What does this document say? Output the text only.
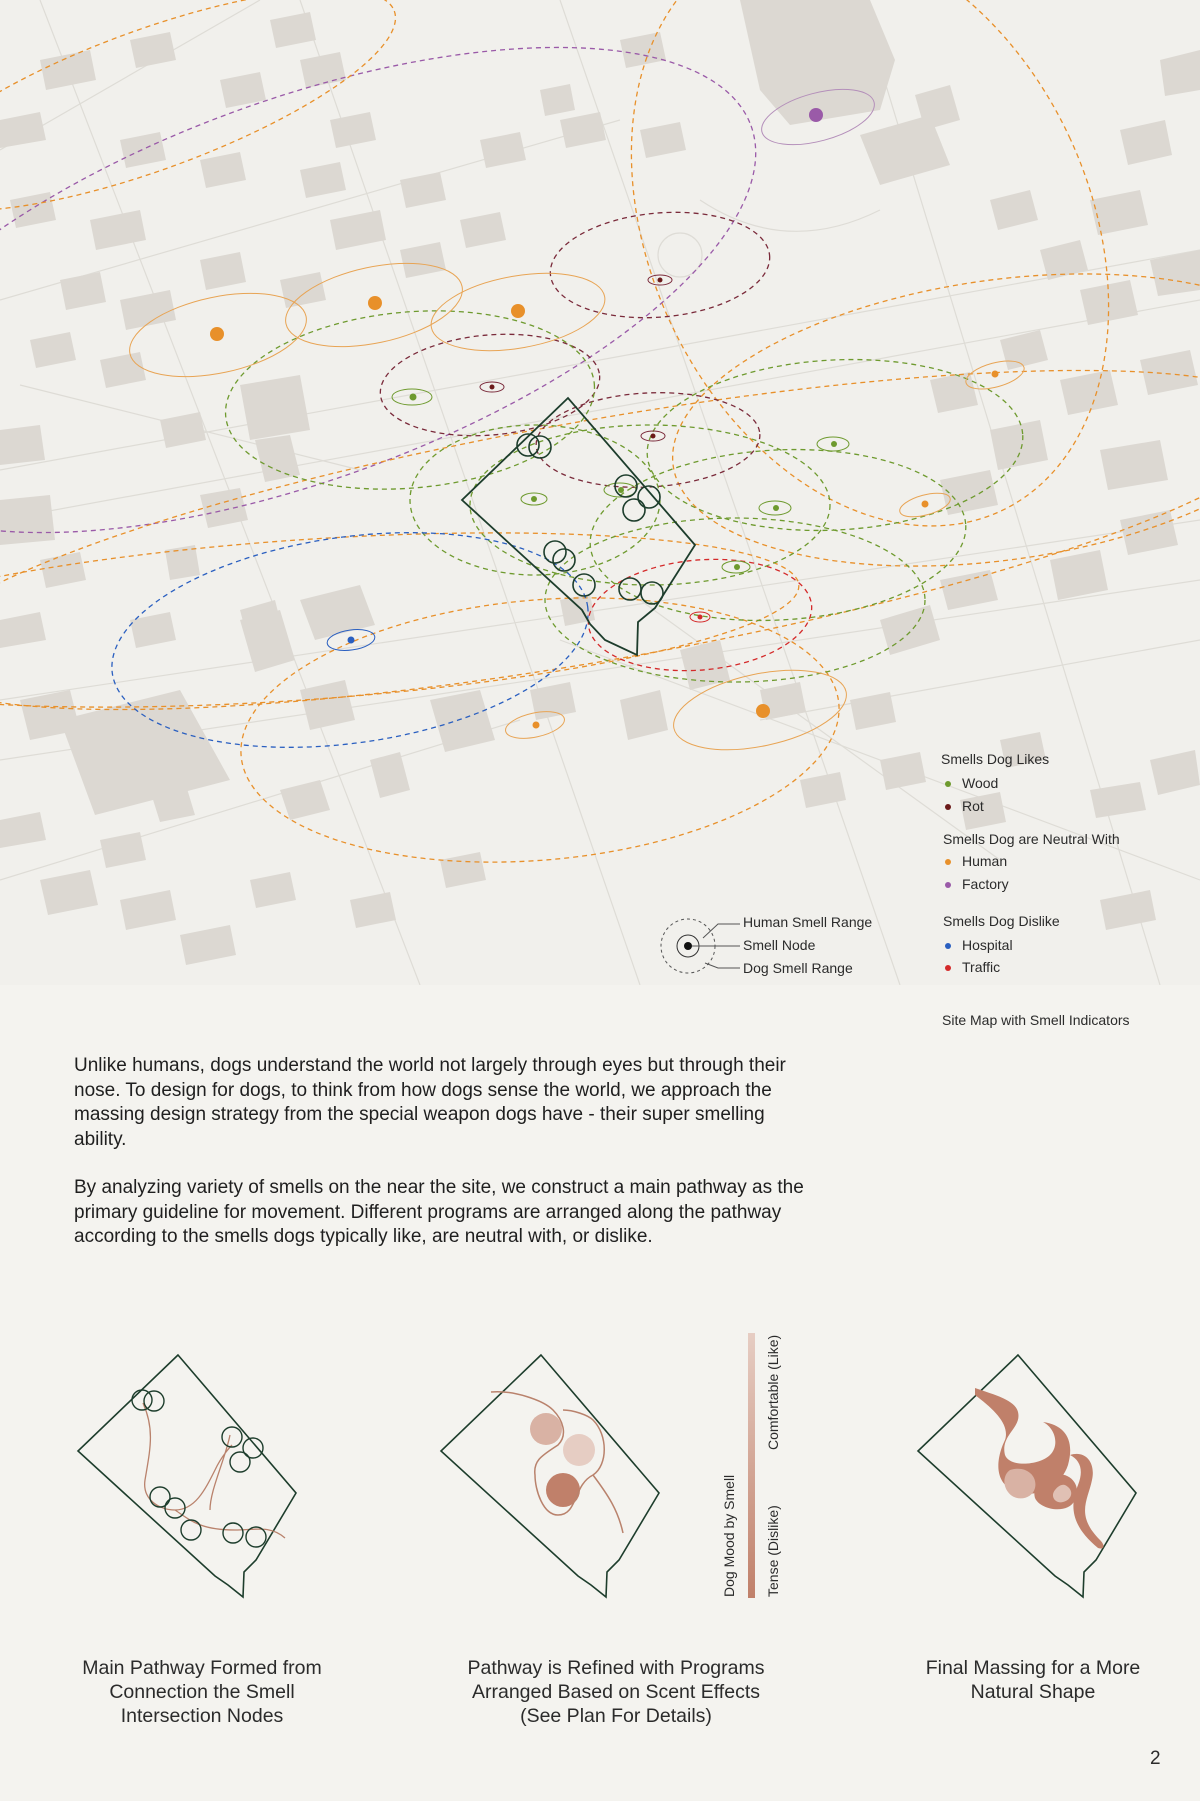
Smells Dog Likes
Wood
Rot
Smells Dog are Neutral With
Human
Factory
Smells Dog Dislike
Hospital
Traffic
Human Smell Range
Smell Node
Dog Smell Range
Site Map with Smell Indicators

Unlike humans, dogs understand the world not largely through eyes but through their nose. To design for dogs, to think from how dogs sense the world, we approach the massing design strategy from the special weapon dogs have - their super smelling ability.

By analyzing variety of smells on the near the site, we construct a main pathway as the primary guideline for movement. Different programs are arranged along the pathway according to the smells dogs typically like, are neutral with, or dislike.

Dog Mood by Smell
Comfortable (Like)
Tense (Dislike)
Main Pathway Formed from
Connection the Smell
Intersection Nodes
Pathway is Refined with Programs
Arranged Based on Scent Effects
(See Plan For Details)
Final Massing for a More
Natural Shape
2
